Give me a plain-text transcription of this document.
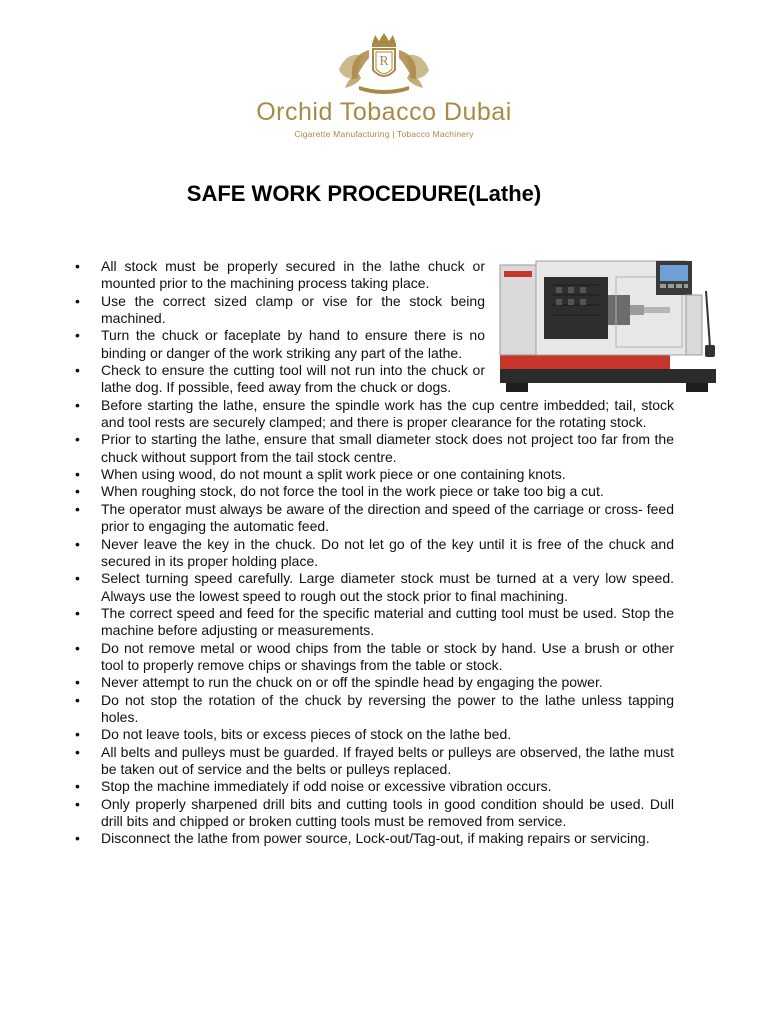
R
Orchid Tobacco Dubai
Cigarette Manufacturing | Tobacco Machinery
SAFE WORK PROCEDURE(Lathe)
• All stock must be properly secured in the lathe chuck or mounted prior to the machining process taking place.
• Use the correct sized clamp or vise for the stock being machined.
• Turn the chuck or faceplate by hand to ensure there is no binding or danger of the work striking any part of the lathe.
• Check to ensure the cutting tool will not run into the chuck or lathe dog. If possible, feed away from the chuck or dogs.
• Before starting the lathe, ensure the spindle work has the cup centre imbedded; tail, stock and tool rests are securely clamped; and there is proper clearance for the rotating stock.
• Prior to starting the lathe, ensure that small diameter stock does not project too far from the chuck without support from the tail stock centre.
• When using wood, do not mount a split work piece or one containing knots.
• When roughing stock, do not force the tool in the work piece or take too big a cut.
• The operator must always be aware of the direction and speed of the carriage or cross- feed prior to engaging the automatic feed.
• Never leave the key in the chuck. Do not let go of the key until it is free of the chuck and secured in its proper holding place.
• Select turning speed carefully. Large diameter stock must be turned at a very low speed. Always use the lowest speed to rough out the stock prior to final machining.
• The correct speed and feed for the specific material and cutting tool must be used. Stop the machine before adjusting or measurements.
• Do not remove metal or wood chips from the table or stock by hand. Use a brush or other tool to properly remove chips or shavings from the table or stock.
• Never attempt to run the chuck on or off the spindle head by engaging the power.
• Do not stop the rotation of the chuck by reversing the power to the lathe unless tapping holes.
• Do not leave tools, bits or excess pieces of stock on the lathe bed.
• All belts and pulleys must be guarded. If frayed belts or pulleys are observed, the lathe must be taken out of service and the belts or pulleys replaced.
• Stop the machine immediately if odd noise or excessive vibration occurs.
• Only properly sharpened drill bits and cutting tools in good condition should be used. Dull drill bits and chipped or broken cutting tools must be removed from service.
• Disconnect the lathe from power source, Lock-out/Tag-out, if making repairs or servicing.
